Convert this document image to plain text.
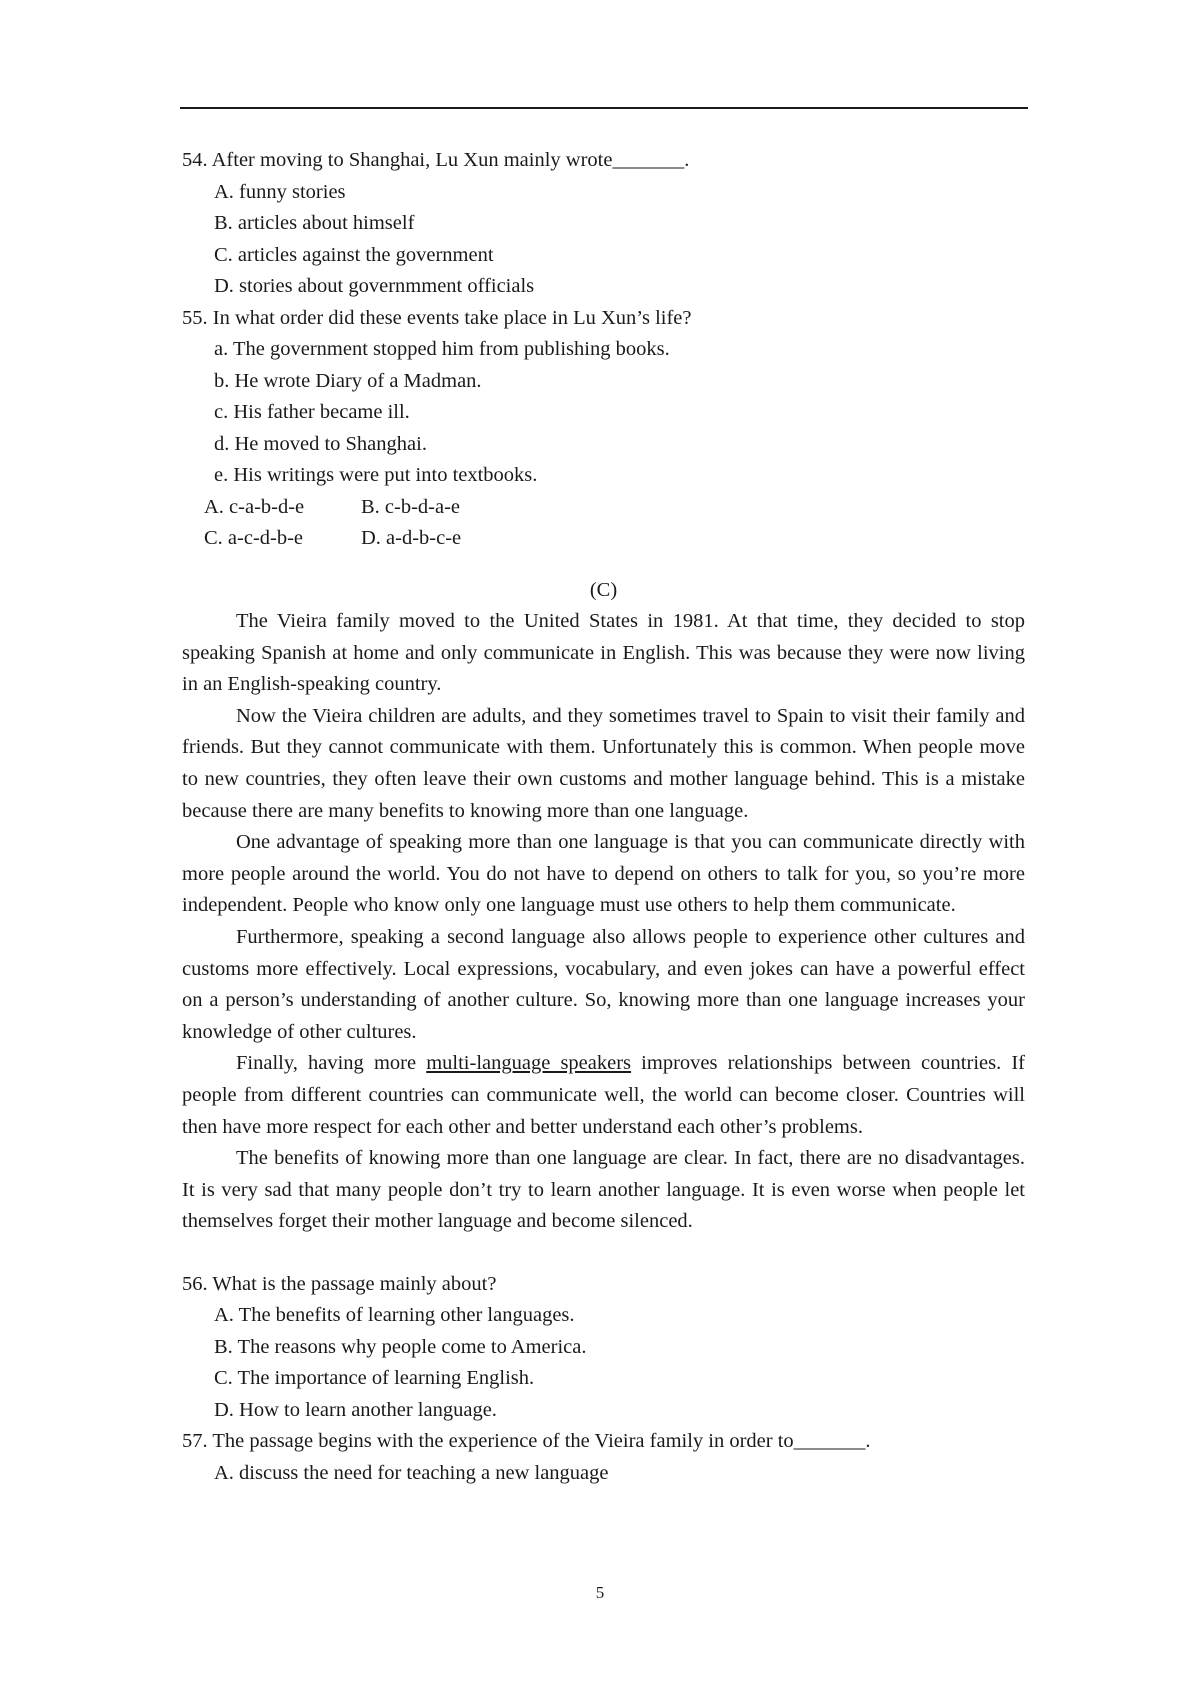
54. After moving to Shanghai, Lu Xun mainly wrote_______.
A. funny stories
B. articles about himself
C. articles against the government
D. stories about governmment officials
55. In what order did these events take place in Lu Xun’s life?
a. The government stopped him from publishing books.
b. He wrote Diary of a Madman.
c. His father became ill.
d. He moved to Shanghai.
e. His writings were put into textbooks.
A. c-a-b-d-e	B. c-b-d-a-e
C. a-c-d-b-e	D. a-d-b-c-e
(C)

The Vieira family moved to the United States in 1981. At that time, they decided to stop speaking Spanish at home and only communicate in English. This was because they were now living in an English-speaking country.

Now the Vieira children are adults, and they sometimes travel to Spain to visit their family and friends. But they cannot communicate with them. Unfortunately this is common. When people move to new countries, they often leave their own customs and mother language behind. This is a mistake because there are many benefits to knowing more than one language.

One advantage of speaking more than one language is that you can communicate directly with more people around the world. You do not have to depend on others to talk for you, so you’re more independent. People who know only one language must use others to help them communicate.

Furthermore, speaking a second language also allows people to experience other cultures and customs more effectively. Local expressions, vocabulary, and even jokes can have a powerful effect on a person’s understanding of another culture. So, knowing more than one language increases your knowledge of other cultures.

Finally, having more multi-language speakers improves relationships between countries. If people from different countries can communicate well, the world can become closer. Countries will then have more respect for each other and better understand each other’s problems.

The benefits of knowing more than one language are clear. In fact, there are no disadvantages. It is very sad that many people don’t try to learn another language. It is even worse when people let themselves forget their mother language and become silenced.

56. What is the passage mainly about?
A. The benefits of learning other languages.
B. The reasons why people come to America.
C. The importance of learning English.
D. How to learn another language.
57. The passage begins with the experience of the Vieira family in order to_______.
A. discuss the need for teaching a new language
5
